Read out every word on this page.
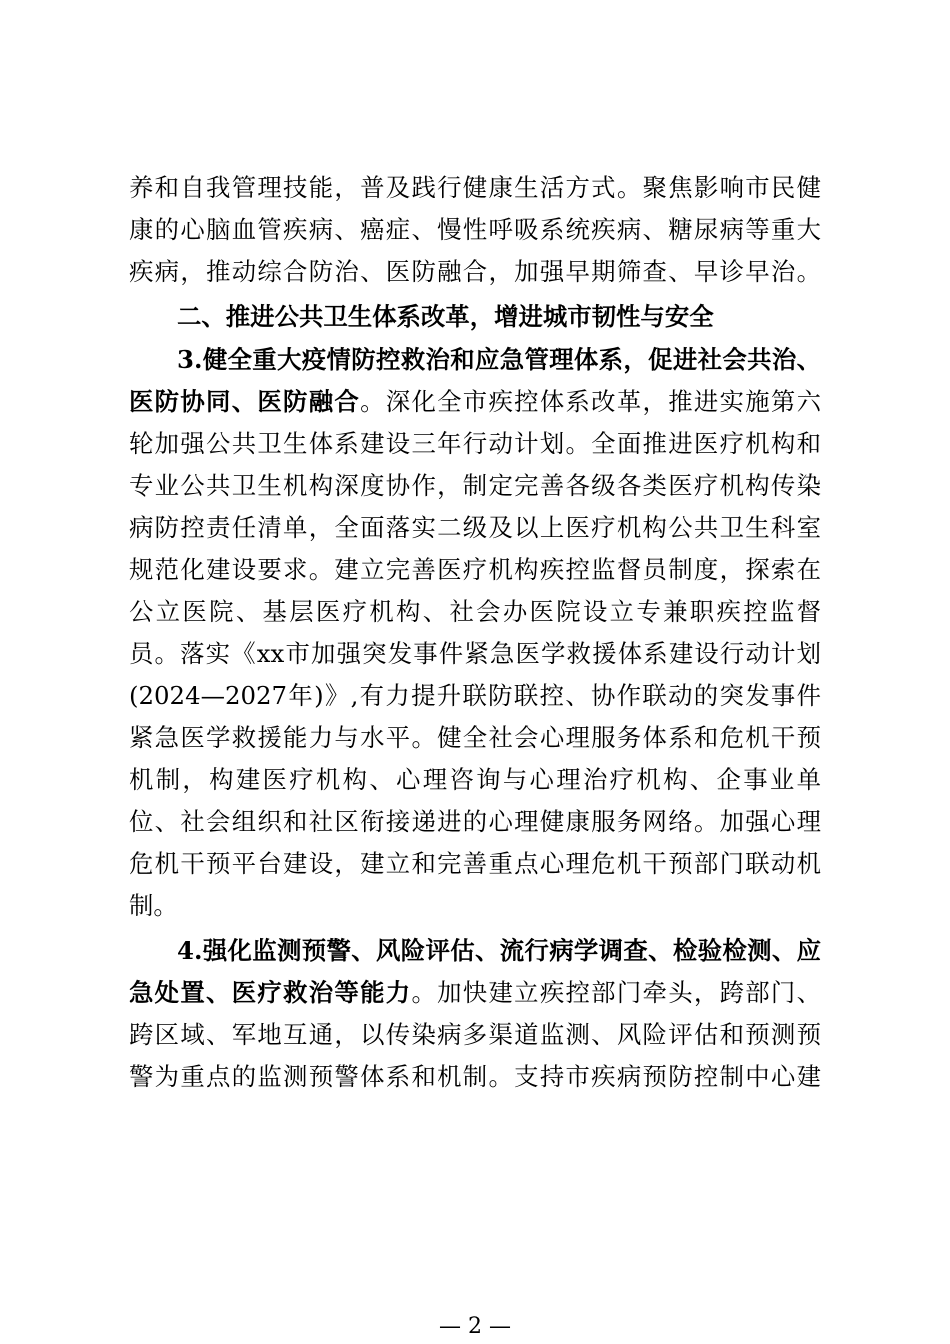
养和自我管理技能，普及践行健康生活方式。聚焦影响市民健
康的心脑血管疾病、癌症、慢性呼吸系统疾病、糖尿病等重大
疾病，推动综合防治、医防融合，加强早期筛查、早诊早治。
二、推进公共卫生体系改革，增进城市韧性与安全
3.健全重大疫情防控救治和应急管理体系，促进社会共治、
医防协同、医防融合。深化全市疾控体系改革，推进实施第六
轮加强公共卫生体系建设三年行动计划。全面推进医疗机构和
专业公共卫生机构深度协作，制定完善各级各类医疗机构传染
病防控责任清单，全面落实二级及以上医疗机构公共卫生科室
规范化建设要求。建立完善医疗机构疾控监督员制度，探索在
公立医院、基层医疗机构、社会办医院设立专兼职疾控监督
员。落实《xx市加强突发事件紧急医学救援体系建设行动计划
(2024—2027年)》,有力提升联防联控、协作联动的突发事件
紧急医学救援能力与水平。健全社会心理服务体系和危机干预
机制，构建医疗机构、心理咨询与心理治疗机构、企事业单
位、社会组织和社区衔接递进的心理健康服务网络。加强心理
危机干预平台建设，建立和完善重点心理危机干预部门联动机
制。
4.强化监测预警、风险评估、流行病学调查、检验检测、应
急处置、医疗救治等能力。加快建立疾控部门牵头，跨部门、
跨区域、军地互通，以传染病多渠道监测、风险评估和预测预
警为重点的监测预警体系和机制。支持市疾病预防控制中心建
— 2 —
